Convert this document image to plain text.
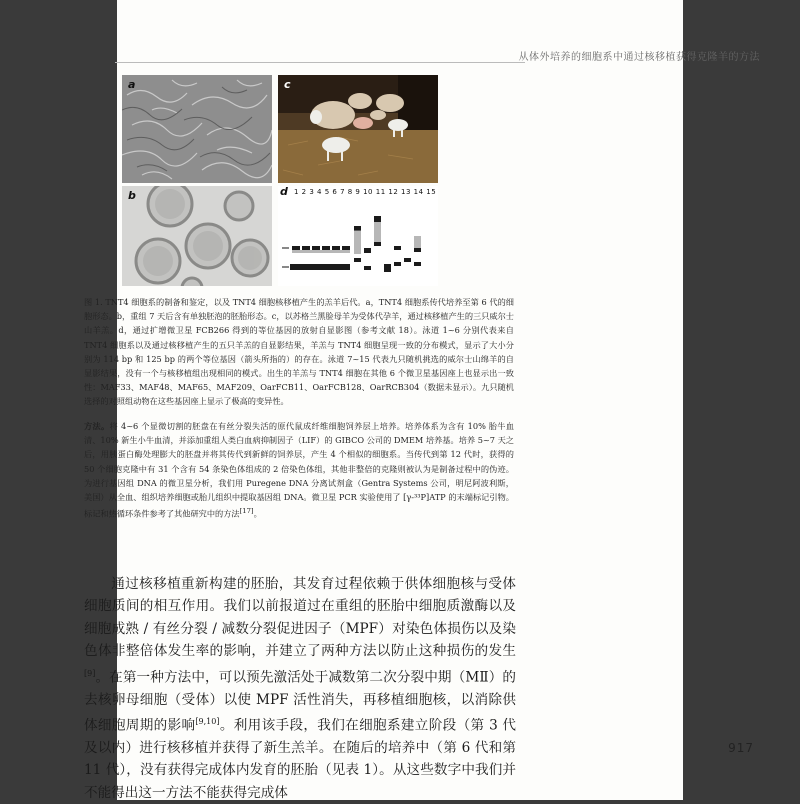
从体外培养的细胞系中通过核移植获得克隆羊的方法
a
b
c
d 1 2 3 4 5 6 7 8 9 10 11 12 13 14 15
图 1. TNT4 细胞系的制备和鉴定，以及 TNT4 细胞核移植产生的羔羊后代。a，TNT4 细胞系传代培养至第 6 代的细胞形态。b，重组 7 天后含有单独胚泡的胚胎形态。c，以苏格兰黑脸母羊为受体代孕羊，通过核移植产生的三只威尔士山羊羔。d，通过扩增微卫星 FCB266 得到的等位基因的放射自显影图（参考文献 18）。泳道 1~6 分别代表来自 TNT4 细胞系以及通过核移植产生的五只羊羔的自显影结果，羊羔与 TNT4 细胞呈现一致的分布模式，显示了大小分别为 114 bp 和 125 bp 的两个等位基因（箭头所指的）的存在。泳道 7~15 代表九只随机挑选的威尔士山绵羊的自显影结果，没有一个与核移植组出现相同的模式。出生的羊羔与 TNT4 细胞在其他 6 个微卫星基因座上也显示出一致性：MAF33、MAF48、MAF65、MAF209、OarFCB11、OarFCB128、OarRCB304（数据未显示）。九只随机选择的对照组动物在这些基因座上显示了极高的变异性。
方法。将 4~6 个显微切割的胚盘在有丝分裂失活的原代鼠成纤维细胞饲养层上培养。培养体系为含有 10% 胎牛血清、10% 新生小牛血清，并添加重组人类白血病抑制因子（LIF）的 GIBCO 公司的 DMEM 培养基。培养 5~7 天之后，用胰蛋白酶处理膨大的胚盘并将其传代到新鲜的饲养层，产生 4 个相似的细胞系。当传代到第 12 代时，获得的 50 个细胞克隆中有 31 个含有 54 条染色体组成的 2 倍染色体组，其他非整倍的克隆则被认为是制备过程中的伪迹。为进行基因组 DNA 的微卫星分析，我们用 Puregene DNA 分离试剂盒（Gentra Systems 公司，明尼阿波利斯，美国）从全血、组织培养细胞或胎儿组织中提取基因组 DNA。微卫星 PCR 实验使用了 [γ-³³P]ATP 的末端标记引物。标记和热循环条件参考了其他研究中的方法[17]。
通过核移植重新构建的胚胎，其发育过程依赖于供体细胞核与受体细胞质间的相互作用。我们以前报道过在重组的胚胎中细胞质激酶以及细胞成熟 / 有丝分裂 / 减数分裂促进因子（MPF）对染色体损伤以及染色体非整倍体发生率的影响，并建立了两种方法以防止这种损伤的发生[9]。在第一种方法中，可以预先激活处于减数第二次分裂中期（MⅡ）的去核卵母细胞（受体）以使 MPF 活性消失，再移植细胞核，以消除供体细胞周期的影响[9,10]。利用该手段，我们在细胞系建立阶段（第 3 代及以内）进行核移植并获得了新生羔羊。在随后的培养中（第 6 代和第 11 代），没有获得完成体内发育的胚胎（见表 1）。从这些数字中我们并不能得出这一方法不能获得完成体
917
